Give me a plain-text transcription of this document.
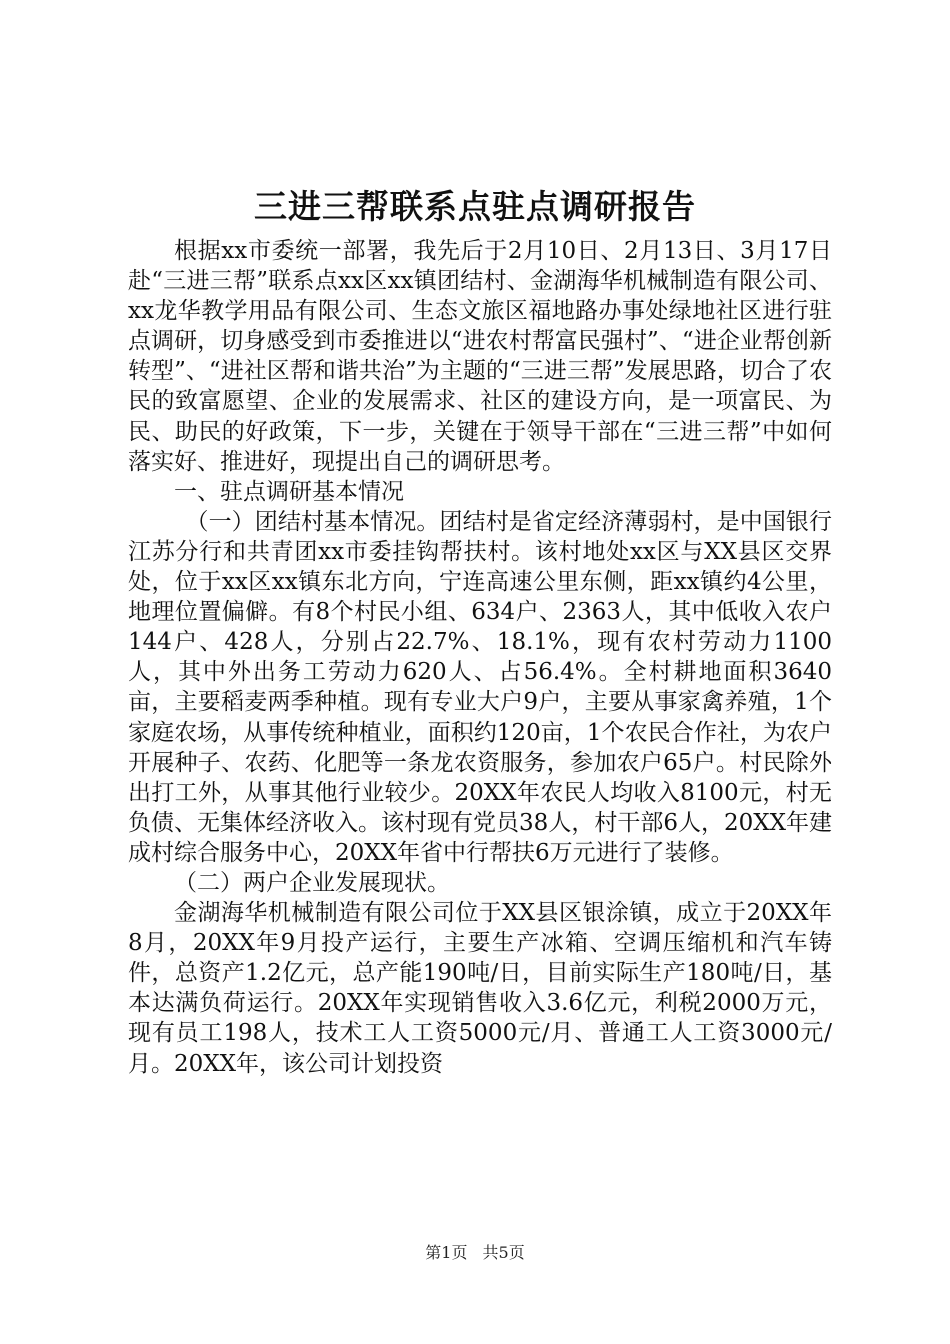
三进三帮联系点驻点调研报告

根据xx市委统一部署，我先后于2月10日、2月13日、3月17日赴“三进三帮”联系点xx区xx镇团结村、金湖海华机械制造有限公司、xx龙华教学用品有限公司、生态文旅区福地路办事处绿地社区进行驻点调研，切身感受到市委推进以“进农村帮富民强村”、“进企业帮创新转型”、“进社区帮和谐共治”为主题的“三进三帮”发展思路，切合了农民的致富愿望、企业的发展需求、社区的建设方向，是一项富民、为民、助民的好政策，下一步，关键在于领导干部在“三进三帮”中如何落实好、推进好，现提出自己的调研思考。

一、驻点调研基本情况

（一）团结村基本情况。团结村是省定经济薄弱村，是中国银行江苏分行和共青团xx市委挂钩帮扶村。该村地处xx区与XX县区交界处，位于xx区xx镇东北方向，宁连高速公里东侧，距xx镇约4公里，地理位置偏僻。有8个村民小组、634户、2363人，其中低收入农户144户、428人，分别占22.7%、18.1%，现有农村劳动力1100人，其中外出务工劳动力620人、占56.4%。全村耕地面积3640亩，主要稻麦两季种植。现有专业大户9户，主要从事家禽养殖，1个家庭农场，从事传统种植业，面积约120亩，1个农民合作社，为农户开展种子、农药、化肥等一条龙农资服务，参加农户65户。村民除外出打工外，从事其他行业较少。20XX年农民人均收入8100元，村无负债、无集体经济收入。该村现有党员38人，村干部6人，20XX年建成村综合服务中心，20XX年省中行帮扶6万元进行了装修。

（二）两户企业发展现状。

金湖海华机械制造有限公司位于XX县区银涂镇，成立于20XX年8月，20XX年9月投产运行，主要生产冰箱、空调压缩机和汽车铸件，总资产1.2亿元，总产能190吨/日，目前实际生产180吨/日，基本达满负荷运行。20XX年实现销售收入3.6亿元，利税2000万元，现有员工198人，技术工人工资5000元/月、普通工人工资3000元/月。20XX年，该公司计划投资

第1页 共5页
